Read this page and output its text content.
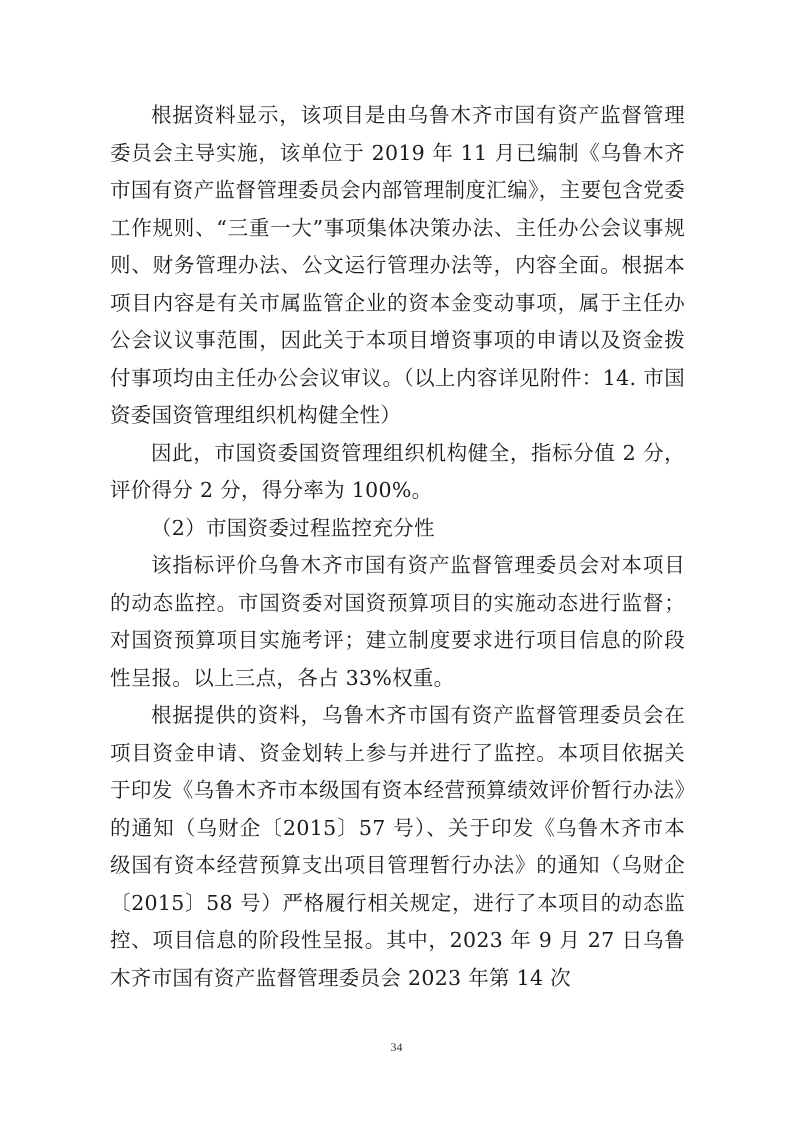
根据资料显示，该项目是由乌鲁木齐市国有资产监督管理委员会主导实施，该单位于 2019 年 11 月已编制《乌鲁木齐市国有资产监督管理委员会内部管理制度汇编》，主要包含党委工作规则、“三重一大”事项集体决策办法、主任办公会议事规则、财务管理办法、公文运行管理办法等，内容全面。根据本项目内容是有关市属监管企业的资本金变动事项，属于主任办公会议议事范围，因此关于本项目增资事项的申请以及资金拨付事项均由主任办公会议审议。（以上内容详见附件：14. 市国资委国资管理组织机构健全性）

因此，市国资委国资管理组织机构健全，指标分值 2 分，评价得分 2 分，得分率为 100%。

（2）市国资委过程监控充分性

该指标评价乌鲁木齐市国有资产监督管理委员会对本项目的动态监控。市国资委对国资预算项目的实施动态进行监督；对国资预算项目实施考评；建立制度要求进行项目信息的阶段性呈报。以上三点，各占 33%权重。

根据提供的资料，乌鲁木齐市国有资产监督管理委员会在项目资金申请、资金划转上参与并进行了监控。本项目依据关于印发《乌鲁木齐市本级国有资本经营预算绩效评价暂行办法》的通知（乌财企〔2015〕57 号）、关于印发《乌鲁木齐市本级国有资本经营预算支出项目管理暂行办法》的通知（乌财企〔2015〕58 号）严格履行相关规定，进行了本项目的动态监控、项目信息的阶段性呈报。其中，2023 年 9 月 27 日乌鲁木齐市国有资产监督管理委员会 2023 年第 14 次

34
